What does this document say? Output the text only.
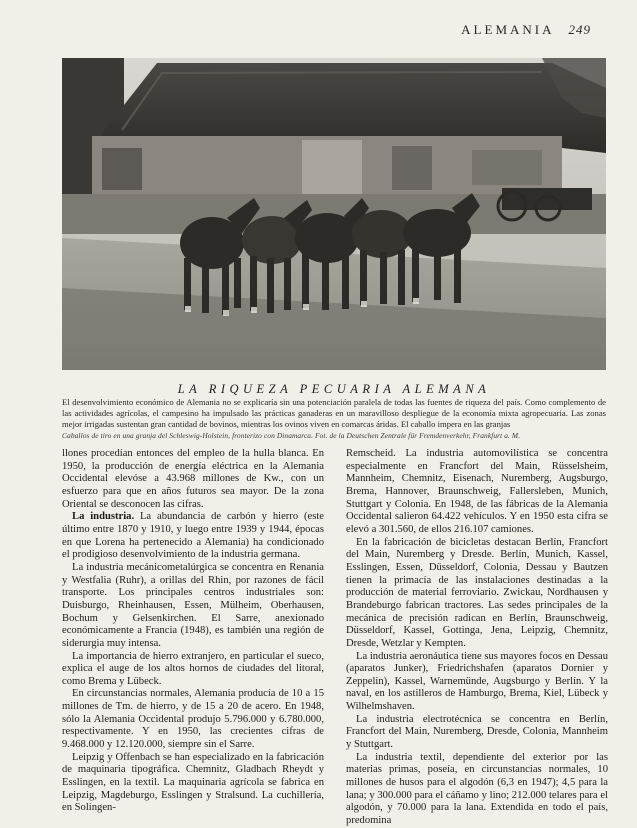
ALEMANIA 249
LA RIQUEZA PECUARIA ALEMANA
El desenvolvimiento económico de Alemania no se explicaría sin una potenciación paralela de todas las fuentes de riqueza del país. Como complemento de las actividades agrícolas, el campesino ha impulsado las prácticas ganaderas en un maravilloso despliegue de la economía mixta agropecuaria. Las zonas mejor irrigadas sustentan gran cantidad de bovinos, mientras los ovinos viven en comarcas áridas. El caballo impera en las granjas
Caballos de tiro en una granja del Schleswig-Holstein, fronterizo con Dinamarca. Fot. de la Deutschen Zentrale für Fremdenverkehr, Frankfurt a. M.

llones procedían entonces del empleo de la hulla blanca. En 1950, la producción de energía eléctrica en la Alemania Occidental elevóse a 43.968 millones de Kw., con un esfuerzo para que en años futuros sea mayor. De la zona Oriental se desconocen las cifras.

La industria. La abundancia de carbón y hierro (este último entre 1870 y 1910, y luego entre 1939 y 1944, épocas en que Lorena ha pertenecido a Alemania) ha condicionado el prodigioso desenvolvimiento de la industria germana.

La industria mecánicometalúrgica se concentra en Renania y Westfalia (Ruhr), a orillas del Rhin, por razones de fácil transporte. Los principales centros industriales son: Duisburgo, Rheinhausen, Essen, Mülheim, Oberhausen, Bochum y Gelsenkirchen. El Sarre, anexionado económicamente a Francia (1948), es también una región de siderurgia muy intensa.

La importancia de hierro extranjero, en particular el sueco, explica el auge de los altos hornos de ciudades del litoral, como Brema y Lübeck.

En circunstancias normales, Alemania producía de 10 a 15 millones de Tm. de hierro, y de 15 a 20 de acero. En 1948, sólo la Alemania Occidental produjo 5.796.000 y 6.780.000, respectivamente. Y en 1950, las crecientes cifras de 9.468.000 y 12.120.000, siempre sin el Sarre.

Leipzig y Offenbach se han especializado en la fabricación de maquinaria tipográfica. Chemnitz, Gladbach Rheydt y Esslingen, en la textil. La maquinaria agrícola se fabrica en Leipzig, Magdeburgo, Esslingen y Stralsund. La cuchillería, en Solingen-

Remscheid. La industria automovilística se concentra especialmente en Francfort del Main, Rüsselsheim, Mannheim, Chemnitz, Eisenach, Nuremberg, Augsburgo, Brema, Hannover, Braunschweig, Fallersleben, Munich, Stuttgart y Colonia. En 1948, de las fábricas de la Alemania Occidental salieron 64.422 vehículos. Y en 1950 esta cifra se elevó a 301.560, de ellos 216.107 camiones.

En la fabricación de bicicletas destacan Berlín, Francfort del Main, Nuremberg y Dresde. Berlín, Munich, Kassel, Esslingen, Essen, Düsseldorf, Colonia, Dessau y Bautzen tienen la primacía de las instalaciones destinadas a la producción de material ferroviario. Zwickau, Nordhausen y Brandeburgo fabrican tractores. Las sedes principales de la mecánica de precisión radican en Berlín, Braunschweig, Düsseldorf, Kassel, Gottinga, Jena, Leipzig, Chemnitz, Dresde, Wetzlar y Kempten.

La industria aeronáutica tiene sus mayores focos en Dessau (aparatos Junker), Friedrichshafen (aparatos Dornier y Zeppelin), Kassel, Warnemünde, Augsburgo y Berlín. Y la naval, en los astilleros de Hamburgo, Brema, Kiel, Lübeck y Wilhelmshaven.

La industria electrotécnica se concentra en Berlín, Francfort del Main, Nuremberg, Dresde, Colonia, Mannheim y Stuttgart.

La industria textil, dependiente del exterior por las materias primas, poseía, en circunstancias normales, 10 millones de husos para el algodón (6,3 en 1947); 4,5 para la lana; y 300.000 para el cáñamo y lino; 212.000 telares para el algodón, y 70.000 para la lana. Extendida en todo el país, predomina
